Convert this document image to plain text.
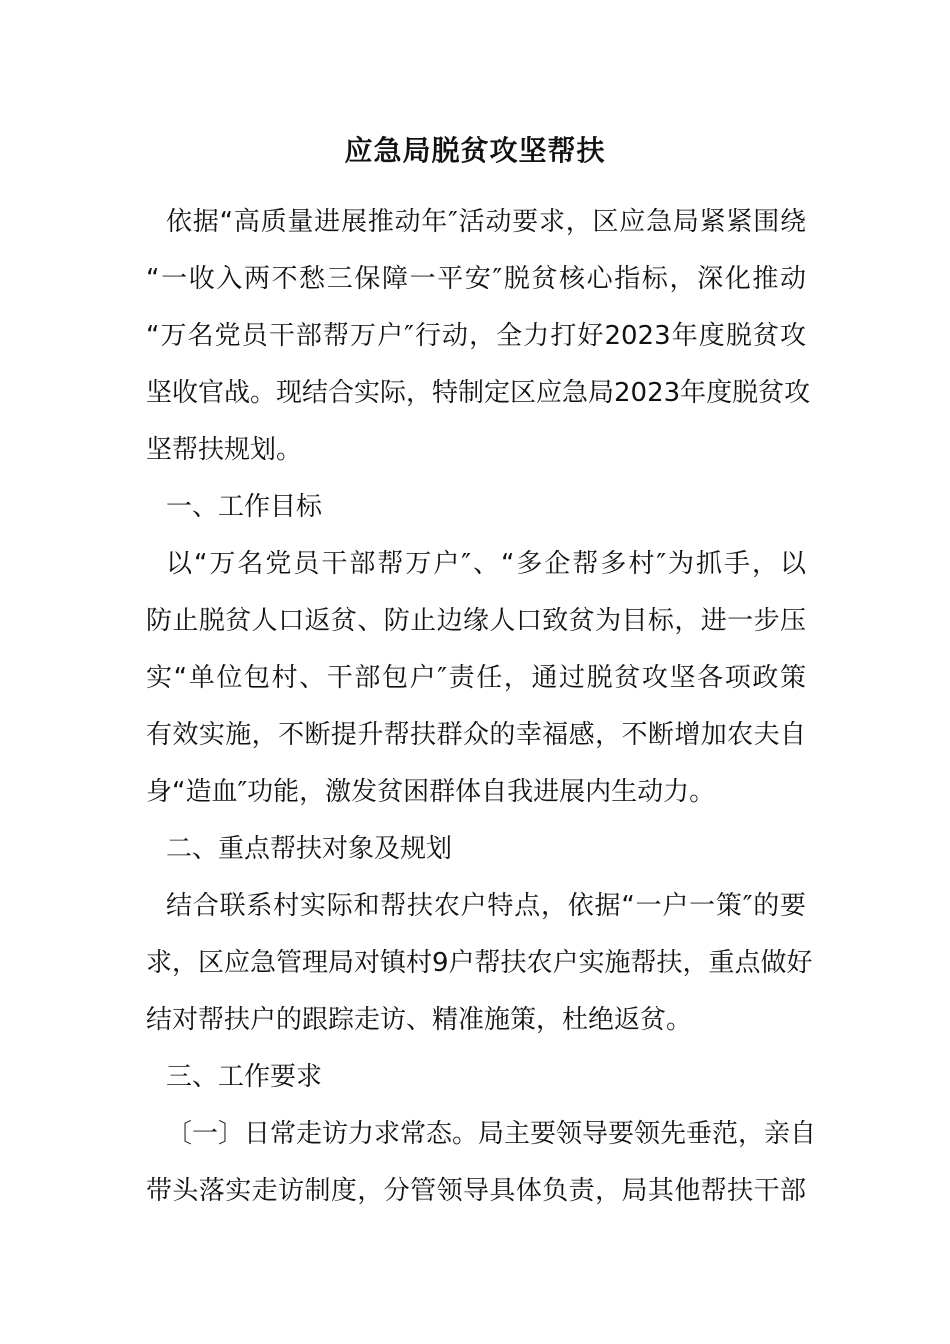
应急局脱贫攻坚帮扶
依据“高质量进展推动年″活动要求，区应急局紧紧围绕
“一收入两不愁三保障一平安″脱贫核心指标，深化推动
“万名党员干部帮万户″行动，全力打好2023年度脱贫攻
坚收官战。现结合实际，特制定区应急局2023年度脱贫攻
坚帮扶规划。
一、工作目标
以“万名党员干部帮万户″、“多企帮多村″为抓手，以
防止脱贫人口返贫、防止边缘人口致贫为目标，进一步压
实“单位包村、干部包户″责任，通过脱贫攻坚各项政策
有效实施，不断提升帮扶群众的幸福感，不断增加农夫自
身“造血″功能，激发贫困群体自我进展内生动力。
二、重点帮扶对象及规划
结合联系村实际和帮扶农户特点，依据“一户一策″的要
求，区应急管理局对镇村9户帮扶农户实施帮扶，重点做好
结对帮扶户的跟踪走访、精准施策，杜绝返贫。
三、工作要求
〔一〕日常走访力求常态。局主要领导要领先垂范，亲自
带头落实走访制度，分管领导具体负责，局其他帮扶干部
